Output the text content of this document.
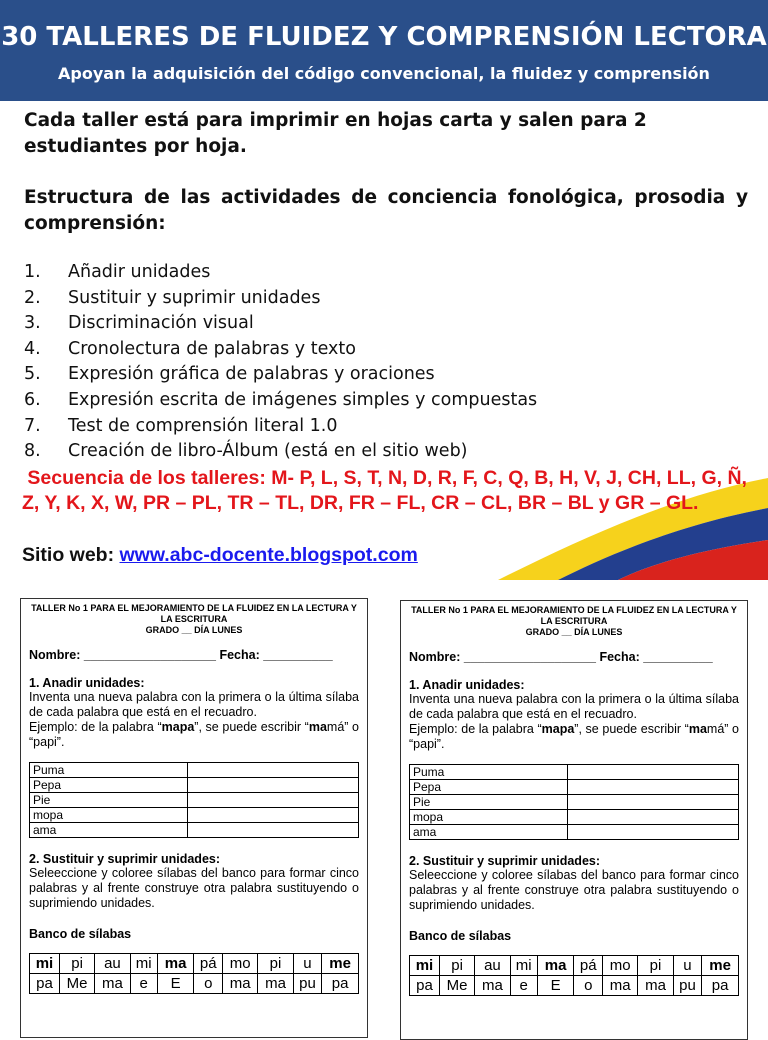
30 TALLERES DE FLUIDEZ Y COMPRENSIÓN LECTORA
Apoyan la adquisición del código convencional, la fluidez y comprensión

Cada taller está para imprimir en hojas carta y salen para 2 estudiantes por hoja.

Estructura de las actividades de conciencia fonológica, prosodia y comprensión:
1.	Añadir unidades
2.	Sustituir y suprimir unidades
3.	Discriminación visual
4.	Cronolectura de palabras y texto
5.	Expresión gráfica de palabras y oraciones
6.	Expresión escrita de imágenes simples y compuestas
7.	Test de comprensión literal 1.0
8.	Creación de libro-Álbum (está en el sitio web)
Secuencia de los talleres: M- P, L, S, T, N, D, R, F, C, Q, B, H, V, J, CH, LL, G, Ñ, Z, Y, K, X, W, PR – PL, TR – TL, DR, FR – FL, CR – CL, BR – BL y GR – GL.
Sitio web: www.abc-docente.blogspot.com
TALLER No 1 PARA EL MEJORAMIENTO DE LA FLUIDEZ EN LA LECTURA Y LA ESCRITURA
GRADO __ DÍA LUNES
Nombre: ___________________
Fecha: __________
1. Anadir unidades:
Inventa una nueva palabra con la primera o la última sílaba de cada palabra que está en el recuadro.
Ejemplo: de la palabra “mapa”, se puede escribir “mamá” o “papi”.
Puma	
Pepa	
Pie	
mopa	
ama	
2. Sustituir y suprimir unidades:
Seleeccione y coloree sílabas del banco para formar cinco palabras y al frente construye otra palabra sustituyendo o suprimiendo unidades.
Banco de sílabas
mi	pi	au	mi	ma	pá	mo	pi	u	me
pa	Me	ma	e	E	o	ma	ma	pu	pa
TALLER No 1 PARA EL MEJORAMIENTO DE LA FLUIDEZ EN LA LECTURA Y LA ESCRITURA
GRADO __ DÍA LUNES
Nombre: ___________________
Fecha: __________
1. Anadir unidades:
Inventa una nueva palabra con la primera o la última sílaba de cada palabra que está en el recuadro.
Ejemplo: de la palabra “mapa”, se puede escribir “mamá” o “papi”.
Puma	
Pepa	
Pie	
mopa	
ama	
2. Sustituir y suprimir unidades:
Seleeccione y coloree sílabas del banco para formar cinco palabras y al frente construye otra palabra sustituyendo o suprimiendo unidades.
Banco de sílabas
mi	pi	au	mi	ma	pá	mo	pi	u	me
pa	Me	ma	e	E	o	ma	ma	pu	pa
